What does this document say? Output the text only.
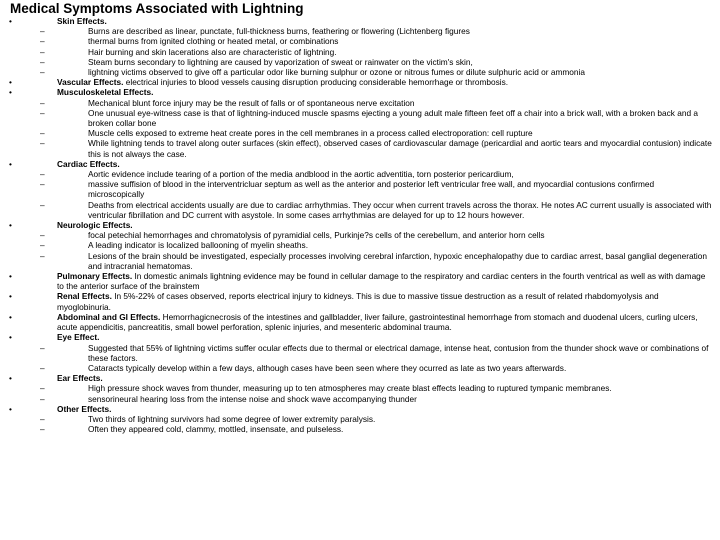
Medical Symptoms Associated with Lightning
•	Skin Effects.
–	Burns are described as linear, punctate, full-thickness burns, feathering or flowering (Lichtenberg figures
–	thermal burns from ignited clothing or heated metal, or combinations
–	Hair burning and skin lacerations also are characteristic of lightning.
–	Steam burns secondary to lightning are caused by vaporization of sweat or rainwater on the victim's skin,
–	lightning victims observed to give off a particular odor like burning sulphur or ozone or nitrous fumes or dilute sulphuric acid or ammonia
•	Vascular Effects. electrical injuries to blood vessels causing disruption producing considerable hemorrhage or thrombosis.
•	Musculoskeletal Effects.
–	Mechanical blunt force injury may be the result of falls or of spontaneous nerve excitation
–	One unusual eye-witness case is that of lightning-induced muscle spasms ejecting a young adult male fifteen feet off a chair into a brick wall, with a broken back and a broken collar bone
–	Muscle cells exposed to extreme heat create pores in the cell membranes in a process called electroporation: cell rupture
–	While lightning tends to travel along outer surfaces (skin effect), observed cases of cardiovascular damage (pericardial and aortic tears and myocardial contusion) indicate this is not always the case.
•	Cardiac Effects.
–	Aortic evidence include tearing of a portion of the media andblood in the aortic adventitia, torn posterior pericardium,
–	massive suffision of blood in the interventricluar septum as well as the anterior and posterior left ventricular free wall, and myocardial contusions confirmed microscopically
–	Deaths from electrical accidents usually are due to cardiac arrhythmias. They occur when current travels across the thorax. He notes AC current usually is associated with ventricular fibrillation and DC current with asystole. In some cases arrhythmias are delayed for up to 12 hours however.
•	Neurologic Effects.
–	focal petechial hemorrhages and chromatolysis of pyramidial cells, Purkinje?s cells of the cerebellum, and anterior horn cells
–	A leading indicator is localized ballooning of myelin sheaths.
–	Lesions of the brain should be investigated, especially processes involving cerebral infarction, hypoxic encephalopathy due to cardiac arrest, basal ganglial degeneration and intracranial hematomas.
•	Pulmonary Effects. In domestic animals lightning evidence may be found in cellular damage to the respiratory and cardiac centers in the fourth ventrical as well as with damage to the anterior surface of the brainstem
•	Renal Effects. In 5%-22% of cases observed, reports electrical injury to kidneys. This is due to massive tissue destruction as a result of related rhabdomyolysis and myoglobinuria.
•	Abdominal and GI Effects. Hemorrhagicnecrosis of the intestines and gallbladder, liver failure, gastrointestinal hemorrhage from stomach and duodenal ulcers, curling ulcers, acute appendicitis, pancreatitis, small bowel perforation, splenic injuries, and mesenteric abdominal trauma.
•	Eye Effect.
–	Suggested that 55% of lightning victims suffer ocular effects due to thermal or electrical damage, intense heat, contusion from the thunder shock wave or combinations of these factors.
–	Cataracts typically develop within a few days, although cases have been seen where they ocurred as late as two years afterwards.
•	Ear Effects.
–	High pressure shock waves from thunder, measuring up to ten atmospheres may create blast effects leading to ruptured tympanic membranes.
–	sensorineural hearing loss from the intense noise and shock wave accompanying thunder
•	Other Effects.
–	Two thirds of lightning survivors had some degree of lower extremity paralysis.
–	Often they appeared cold, clammy, mottled, insensate, and pulseless.
